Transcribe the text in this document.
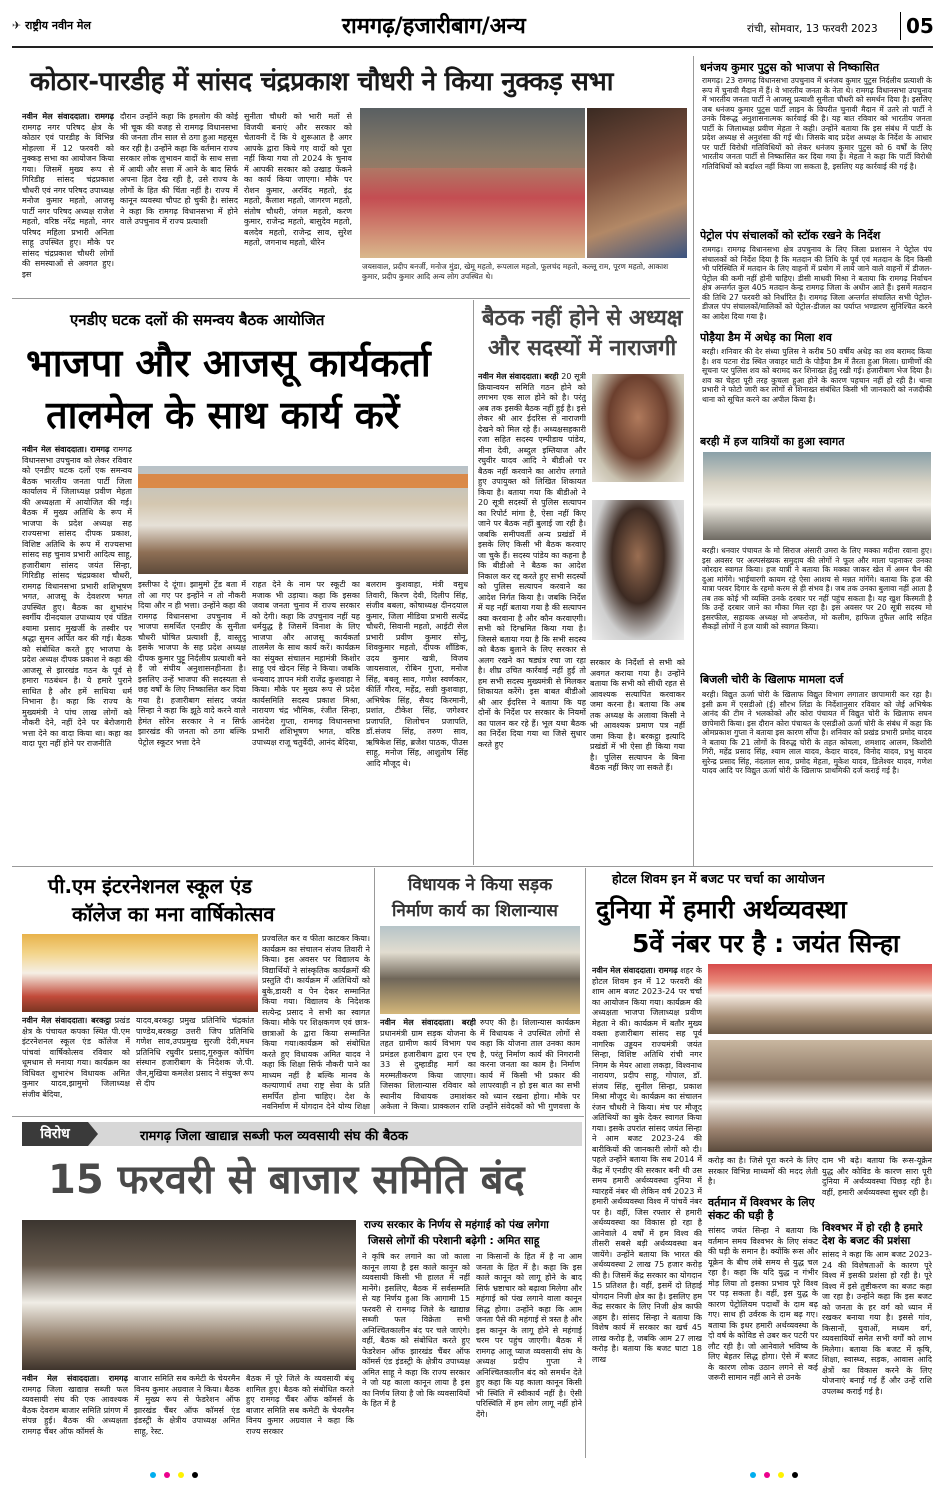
✈ राष्ट्रीय नवीन मेल	रामगढ़/हजारीबाग/अन्य	रांची, सोमवार, 13 फरवरी 2023 05
कोठार-पारडीह में सांसद चंद्रप्रकाश चौधरी ने किया नुक्कड़ सभा
नवीन मेल संवाददाता। रामगढ़ रामगढ़ नगर परिषद क्षेत्र के कोठार एवं पारडीह के विभिन्न मोहल्ला में 12 फरवरी को नुक्कड़ सभा का आयोजन किया गया। जिसमें मुख्य रूप से गिरिडीह सांसद चंद्रप्रकाश चौधरी एवं नगर परिषद उपाध्यक्ष मनोज कुमार महतो, आजसू पार्टी नगर परिषद अध्यक्ष राजेश महतो, वरिष्ठ नरेंद्र महतो, नगर परिषद महिला प्रभारी अनिता साहू उपस्थित हुए। मौके पर सांसद चंद्रप्रकाश चौधरी लोगों की समस्याओं से अवगत हुए। इस
दौरान उन्होंने कहा कि हमलोग की कोई भी चूक की वजह से रामगढ़ विधानसभा की जनता तीन साल से ठगा हुआ महसूस कर रही है। उन्होंने कहा कि वर्तमान राज्य सरकार लोक लुभावन वादों के साथ सत्ता में आयी और सत्ता में आने के बाद सिर्फ अपना हित देख रही है, उसे राज्य के लोगों के हित की चिंता नहीं है। राज्य में कानून व्यवस्था चौपट हो चुकी है। सांसद ने कहा कि रामगढ़ विधानसभा में होने वाले उपचुनाव में राज्य प्रत्याशी
सुनीता चौधरी को भारी मतों से विजयी बनाएं और सरकार को चेतावनी दें कि ये शुरूआत है अगर आपके द्वारा किये गए वादों को पूरा नहीं किया गया तो 2024 के चुनाव में आपकी सरकार को उखाड़ फेंकने का कार्य किया जाएगा। मौके पर रोशन कुमार, अरविंद महतो, इंद्र महतो, कैलाश महतो, जागरण महतो, संतोष चौधरी, जंगल महतो, करण कुमार, राजेन्द्र महतो, बासुदेव महतो, बलदेव महतो, राजेन्द्र साव, सुरेश महतो, जगनाथ महतो, धीरेन
जयसवाल, प्रदीप बनर्जी, मनोज मुंडा, खेमू महतो, रूपलाल महतो, फूलचंद महतो, कल्लू राम, पूरण महतो, आकाश कुमार, प्रदीप कुमार आदि अन्य लोग उपस्थित थे।
एनडीए घटक दलों की समन्वय बैठक आयोजित
भाजपा और आजसू कार्यकर्ता
तालमेल के साथ कार्य करें
नवीन मेल संवाददाता। रामगढ़ रामगढ़ विधानसभा उपचुनाव को लेकर रविवार को एनडीए घटक दलों एक समन्वय बैठक भारतीय जनता पार्टी जिला कार्यालय में जिलाध्यक्ष प्रवीण मेहता की अध्यक्षता में आयोजित की गई। बैठक में मुख्य अतिथि के रूप में भाजपा के प्रदेश अध्यक्ष सह राज्यसभा सांसद दीपक प्रकाश, विशिष्ट अतिथि के रूप में राज्यसभा सांसद सह चुनाव प्रभारी आदित्य साहू, हजारीबाग सांसद जयंत सिन्हा, गिरिडीह सांसद चंद्रप्रकाश चौधरी, रामगढ़ विधानसभा प्रभारी शशिभूषण भगत, आजसू के देवशरण भगत उपस्थित हुए। बैठक का शुभारंभ स्वर्गीय दीनदयाल उपाध्याय एवं पंडित श्यामा प्रसाद मुखर्जी के तस्वीर पर श्रद्धा सुमन अर्पित कर की गई। बैठक को संबोधित करते हुए भाजपा के प्रदेश अध्यक्ष दीपक प्रकाश ने कहा की आजसू से झारखंड गठन के पूर्व से हमारा गठबंधन है। ये हमारे पुराने साथित है और हमें साथिया धर्म निभाना है। कहा कि राज्य के मुख्यमंत्री ने पांच लाख लोगों को नौकरी देने, नहीं देने पर बेरोजगारी भत्ता देने का वादा किया था। कहा का वादा पूरा नहीं होने पर राजनीति
इस्तीफा दे दूंगा। झामुमो ट्रेंड बता में तो आ गए पर इन्होंने न तो नौकरी दिया और न ही भत्ता। उन्होंने कहा की रामगढ़ विधानसभा उपचुनाव में भाजपा समर्थित एनडीए के सुनीता चौधरी घोषित प्रत्याशी हैं, वास्तुदु इसके भाजपा के सह प्रदेश अध्यक्ष दीपक कुमार पुट्टू निर्दलीय प्रत्याशी बने हैं जो संघीय अनुशासनहीनता है। इसलिए उन्हें भाजपा की सदस्यता से छह वर्षों के लिए निष्कासित कर दिया गया है। हजारीबाग सांसद जयंत सिन्हा ने कहा कि झूठे वादे करने वाले हेमंत सोरेन सरकार ने न सिर्फ झारखंड की जनता को ठगा बल्कि पेट्रोल स्कूटर भत्ता देने
राहत देने के नाम पर स्कूटी का मजाक भी उड़ाया। कहा कि इसका जवाब जनता चुनाव में राज्य सरकार को देगी। कहा कि उपचुनाव नहीं यह धर्मयुद्ध है जिसमें विनाश के लिए भाजपा और आजसू कार्यकर्ता तालमेल के साथ कार्य करें। कार्यक्रम का संयुक्त संचालन महामंत्री किशोर साहू एवं खेदन सिंह ने किया। जबकि धन्यवाद ज्ञापन मंत्री राजेंद्र कुशवाहा ने किया। मौके पर मुख्य रूप से प्रदेश कार्यसमिति सदस्य प्रकाश मिश्रा, नारायण चंद्र भौमिक, रंजीत सिन्हा, आनंदेश गुप्ता, रामगढ़ विधानसभा प्रभारी शशिभूषण भगत, वरिष्ठ उपाध्यक्ष राजू चतुर्वेदी, आनंद बेदिया,
बलराम कुशवाहा, मंत्री वसुध तिवारी, किरण देवी, दिलीप सिंह, संजीव बबला, कोषाध्यक्ष दीनदयाल कुमार, जिला मीडिया प्रभारी सत्येंद्र चौधरी, सिवानी महतो, आईटी सेल प्रभारी प्रवीण कुमार सोनू, शिवकुमार महतो, दीपक शौंडिक, उदय कुमार खत्री, विजय जायसवाल, रोबिन गुप्ता, मनोज सिंह, बबलू साव, गणेश स्वर्णकार, कीर्ति गौरव, महेंद्र, सन्नी कुशवाहा, अभिषेक सिंह, सैयद किरमानी, प्रशांत, टीकेश सिंह, जगेश्वर प्रजापति, शिलोचन प्रजापति, डॉ.संजय सिंह, तरुण साव, ऋषिकेश सिंह, ब्रजेश पाठक, पीउस साहू, मनोज सिंह, आशुतोष सिंह आदि मौजूद थे।
बैठक नहीं होने से अध्यक्ष
और सदस्यों में नाराजगी
नवीन मेल संवाददाता। बरही 20 सूत्री क्रियान्वयन समिति गठन होने को लगभग एक साल होने को है। परंतु अब तक इसकी बैठक नहीं हुई है। इसे लेकर श्री आर ईदरिस से नाराजगी देखने को मिल रहे हैं। अध्यक्षसहकारी रजा सहित सदस्य एम्पीडाय पांडेय, मीना देवी, अब्दुल इम्तियाज और रघुवीर यादव आदि ने बीडीओ पर बैठक नहीं करवाने का आरोप लगाते हुए उपायुक्त को लिखित शिकायत किया है। बताया गया कि बीडीओ ने 20 सूत्री सदस्यों से पुलिस सत्यापन का रिपोर्ट मांगा है, ऐसा नहीं किए जाने पर बैठक नहीं बुलाई जा रही है। जबकि समीपवर्ती अन्य प्रखंडों में इसके लिए किसी भी बैठक करवाए जा चुके हैं। सदस्य पांडेय का कहना है कि बीडीओ ने बैठक का आदेश निकाल कर रद्द करते हुए सभी सदस्यों को पुलिस सत्यापन करवाने का आदेश निर्गत किया है। जबकि निर्देश में यह नहीं बताया गया है की सत्यापन क्या करवाना है और कौन करवाएगी। सभी को दिग्भ्रमित किया गया है। जिससे बताया गया है कि सभी सदस्य को बैठक बुलाने के लिए सरकार से अलग रखने का षड्यंत्र रचा जा रहा है। शीघ्र उचित कार्रवाई नहीं हुई तो हम सभी सदस्य मुख्यमंत्री से मिलकर शिकायत करेंगे। इस बाबत बीडीओ श्री आर ईदरिस ने बताया कि यह दोनों के निर्देश पर सरकार के नियमों का पालन कर रहे हैं। भूल यथा बैठक का निर्देश दिया गया था जिसे सुधार करते हुए
सरकार के निर्देशों से सभी को अवगत कराया गया है। उन्होंने बताया कि सभी को सीधी रहत से आवश्यक सत्यापित करवाकर जमा करना है। बताया कि अब तक अध्यक्ष के अलावा किसी ने भी आवश्यक प्रमाण पत्र नहीं जमा किया है। बरकट्ठा इत्यादि प्रखंडों में भी ऐसा ही किया गया है। पुलिस सत्यापन के बिना बैठक नहीं किए जा सकते हैं।
धनंजय कुमार पुटुस को भाजपा से निष्कासित
रामगढ़। 23 रामगढ़ विधानसभा उपचुनाव में धनंजय कुमार पुटुस निर्दलीय प्रत्याशी के रूप में चुनावी मैदान में हैं। वे भारतीय जनता के नेता थे। रामगढ़ विधानसभा उपचुनाव में भारतीय जनता पार्टी ने आजसू प्रत्याशी सुनीता चौधरी को समर्थन दिया है। इसलिए जब धनंजय कुमार पुटुस पार्टी लाइन के विपरीत चुनावी मैदान में उतरे तो पार्टी ने उनके विरूद्ध अनुशासनात्मक कार्रवाई की है। यह बात रविवार को भारतीय जनता पार्टी के जिलाध्यक्ष प्रवीण मेहता ने कही। उन्होंने बताया कि इस संबंध में पार्टी के प्रदेश अध्यक्ष से अनुशंसा की गई थी। जिसके बाद प्रदेश अध्यक्ष के निर्देश के आधार पर पार्टी विरोधी गतिविधियों को लेकर धनंजय कुमार पुटुस को 6 वर्षों के लिए भारतीय जनता पार्टी से निष्कासित कर दिया गया है। मेहता ने कहा कि पार्टी विरोधी गतिविधियों को बर्दाश्त नहीं किया जा सकता है, इसलिए यह कार्रवाई की गई है।
पेट्रोल पंप संचालकों को स्टॉक रखने के निर्देश
रामगढ़। रामगढ़ विधानसभा क्षेत्र उपचुनाव के लिए जिला प्रशासन ने पेट्रोल पंप संचालकों को निर्देश दिया है कि मतदान की तिथि के पूर्व एवं मतदान के दिन किसी भी परिस्थिति में मतदान के लिए वाहनों में प्रयोग में लाये जाने वाले वाहनों में डीजल-पेट्रोल की कमी नहीं होनी चाहिए। डीसी माधवी मिश्रा ने बताया कि रामगढ़ निर्वाचन क्षेत्र अन्तर्गत कुल 405 मतदान केन्द्र रामगढ़ जिला के अधीन आते हैं। इसमें मतदान की तिथि 27 फरवरी को निर्धारित है। रामगढ़ जिला अन्तर्गत संचालित सभी पेट्रोल-डीजल पंप संचालकों/मालिकों को पेट्रोल-डीजल का पर्याप्त भण्डारण सुनिश्चित करने का आदेश दिया गया है।
पोड़ैया डैम में अधेड़ का मिला शव
बरही। शनिवार की देर संध्या पुलिस ने करीब 50 वर्षीय अधेड़ का शव बरामद किया है। शव पटना रोड स्थित जवाहर घाटी के पोड़ैया डैम में तैरता हुआ मिला। ग्रामीणों की सूचना पर पुलिस शव को बरामद कर शिनाख्त हेतु रखी गई। हजारीबाग भेज दिया है। शव का चेहरा पूरी तरह कुचला हुआ होने के कारण पहचान नहीं हो रही है। थाना प्रभारी ने फोटो जारी कर लोगों से शिनाख्त संबंधित किसी भी जानकारी को नजदीकी थाना को सूचित करने का अपील किया है।
बरही में हज यात्रियों का हुआ स्वागत
बरही। धनवार पंचायत के मो सिराज अंसारी उमरा के लिए मक्का मदीना रवाना हुए। इस अवसर पर अल्पसंख्यक समुदाय की लोगों ने फूल और माला पहनाकर उनका जोरदार स्वागत किया। हज यात्री ने बताया कि मक्का जाकर खेत में अमन चैन की दुआ मांगेंगे। भाईचारगी कायम रहे ऐसा आशय से मन्नत मांगेंगे। बताया कि हज की यात्रा परवर दिगार के रहमो करम से ही संभव है। जब तक उनका बुलावा नहीं आता है तब तक कोई भी व्यक्ति उनके दरबार पर नहीं पहुंच सकता है। यह खुश किस्मती है कि उन्हें दरबार जाने का मौका मिल रहा है। इस अवसर पर 20 सूत्री सदस्य मो इसरफील, सहायक अध्यक्ष मो अफरोज, मो कलीम, हाफिज तुफैल आदि सहित सैकड़ों लोगों ने हज यात्री को स्वागत किया।
बिजली चोरी के खिलाफ मामला दर्ज
बरही। विद्युत ऊर्जा चोरी के खिलाफ विद्युत विभाग लगातार छापामारी कर रहा है। इसी क्रम में एसडीओ (ई) सौरभ लिंडा के निर्देशानुसार रविवार को जेई अभिषेक आनंद की टीम ने भलकोको और कोरा पंचायत में विद्युत चोरी के खिलाफ सघन छापेमारी किया। इस दौरान कोरा पंचायत के एसडीओ ऊर्जा चोरी के संबंध में कहा कि ओमप्रकाश गुप्ता ने बताया इस कारण सौंपा है। शनिवार को प्रखंड प्रभारी प्रमोद यादव ने बताया कि 21 लोगों के विरुद्ध चोरी के तहत कोयला, शमशाद आलम, किशोरी गिरी, महेंद्र प्रसाद सिंह, श्याम लाल यादव, केदार यादव, विनोद यादव, प्रभु यादव सुरेन्द्र प्रसाद सिंह, नंदलाल साव, प्रमोद मेहता, मुकेश यादव, डिलेश्वर यादव, गणेश यादव आदि पर विद्युत ऊर्जा चोरी के खिलाफ प्राथमिकी दर्ज कराई गई है।
पी.एम इंटरनेशनल स्कूल एंड
कॉलेज का मना वार्षिकोत्सव
नवीन मेल संवाददाता। बरकट्ठा प्रखंड क्षेत्र के पंचायत कपका स्थित पी.एम इंटरनेशनल स्कूल एंड कॉलेज में पांचवां वार्षिकोत्सव रविवार को धूमधाम से मनाया गया। कार्यक्रम का विधिवत शुभारंभ विधायक अमित कुमार यादव,झामुमो जिलाध्यक्ष संजीव बेदिया,
यादव,बरकट्ठा प्रमुख प्रतिनिधि चंद्रकांत पाण्डेय,बरकट्ठा उत्तरी जिप प्रतिनिधि गणेश साव,उपप्रमुख सुरजी देवी,मधन प्रतिनिधि रघुवीर प्रसाद,गुरुकुल कोचिंग संस्थान हजारीबाग के निदेशक जे.पी. जैन,मुखिया कमलेश प्रसाद ने संयुक्त रूप से दीप
प्रज्वलित कर व फीता काटकर किया।कार्यक्रम का संचालन संजय तिवारी ने किया। इस अवसर पर विद्यालय के विद्यार्थियों ने सांस्कृतिक कार्यक्रमों की प्रस्तुति दी। कार्यक्रम में अतिथियों को बुके,डायरी व पेन देकर सम्मानित किया गया। विद्यालय के निदेशक सत्येन्द्र प्रसाद ने सभी का स्वागत किया। मौके पर शिक्षकगण एवं छात्र-छात्राओं के द्वारा किया सम्मानित किया गया।कार्यक्रम को संबोधित करते हुए विधायक अमित यादव ने कहा कि शिक्षा सिर्फ नौकरी पाने का माध्यम नहीं है बल्कि मानव के कल्याणार्थ तथा राष्ट्र सेवा के प्रति समर्पित होना चाहिए। देश के नवनिर्माण में योगदान देने योग्य शिक्षा
विधायक ने किया सड़क
निर्माण कार्य का शिलान्यास
नवीन मेल संवाददाता। बरही प्रधानमंत्री ग्राम सड़क योजना के तहत ग्रामीण कार्य विभाग पथ प्रमंडल हजारीबाग द्वारा एन एच 33 से दुम्हाडीह मार्ग का मरम्मतीकरण किया जाएगा। जिसका शिलान्यास रविवार को स्थानीय विधायक उमाशंकर अकेला ने किया। प्राक्कलन राशि
रुपए की है। शिलान्यास कार्यक्रम में विधायक ने उपस्थित लोगों से कहा कि योजना ताल उनका काम है, परंतु निर्माण कार्य की निगरानी करना जनता का काम है। निर्माण कार्य में किसी भी प्रकार की लापरवाही न हो इस बात का सभी को ध्यान रखना होगा। मौके पर उन्होंने संवेदकों को भी गुणवत्ता के
होटल शिवम इन में बजट पर चर्चा का आयोजन
दुनिया में हमारी अर्थव्यवस्था
5वें नंबर पर है : जयंत सिन्हा
नवीन मेल संवाददाता। रामगढ़ शहर के होटल शिवम इन में 12 फरवरी की शाम आम बजट 2023-24 पर चर्चा का आयोजन किया गया। कार्यक्रम की अध्यक्षता भाजपा जिलाध्यक्ष प्रवीण मेहता ने की। कार्यक्रम में बतौर मुख्य वक्ता हजारीबाग सांसद सह पूर्व नागरिक उड्डयन राज्यमंत्री जयंत सिन्हा, विशिष्ट अतिथि रांची नगर निगम के मेयर आशा लकड़ा, विश्वनाथ नारायण, प्रदीप साहू, गोपाल, डॉ. संजय सिंह, सुनील सिन्हा, प्रकाश मिश्रा मौजूद थे। कार्यक्रम का संचालन रंजन चौधरी ने किया। मंच पर मौजूद अतिथियों का बुके देकर स्वागत किया गया। इसके उपरांत सांसद जयंत सिन्हा ने आम बजट 2023-24 की बारीकियों की जानकारी लोगों को दी। पहले उन्होंने बताया कि सब 2014 में केंद्र में एनडीए की सरकार बनी थी उस समय हमारी अर्थव्यवस्था दुनिया में ग्यारहवें नंबर थी लेकिन वर्ष 2023 में हमारी अर्थव्यवस्था विश्व में पांचवें नंबर पर है। वहीं, जिस रफ्तार से हमारी अर्थव्यवस्था का विकास हो रहा है आनेवाले 4 वर्षों में हम विश्व की तीसरी सबसे बड़ी अर्थव्यवस्था बन जायेंगे। उन्होंने बताया कि भारत की अर्थव्यवस्था 2 लाख 75 हजार करोड़ की है। जिसमें केंद्र सरकार का योगदान 15 प्रतिशत है। वहीं, इसमें दो तिहाई योगदान निजी क्षेत्र का है। इसलिए हम केंद्र सरकार के लिए निजी क्षेत्र काफी अहम है। सांसद सिन्हा ने बताया कि विशेष कार्य में सरकार का खर्च 45 लाख करोड़ है, जबकि आम 27 लाख करोड़ है। बताया कि बजट घाटा 18 लाख
करोड़ का है। जिसे पूरा करने के लिए सरकार विभिन्न माध्यमों की मदद लेती है।
दाम भी बढ़े। बताया कि रूस-यूक्रेन युद्ध और कोविड के कारण सारा पूरी दुनिया में अर्थव्यवस्था पिछड़ रही है। वहीं, हमारी अर्थव्यवस्था सुधर रही है।
वर्तमान में विश्वभर के लिए संकट की घड़ी है
सांसद जयंत सिन्हा ने बताया कि वर्तमान समय विश्वभर के लिए संकट की घड़ी के समान है। क्योंकि रूस और यूक्रेन के बीच लंबे समय से युद्ध चल रहा है। कहा कि यदि युद्ध न गंभीर मोड़ लिया तो इसका प्रभाव पूरे विश्व पर पड़ सकता है। वहीं, इस युद्ध के कारण पेट्रोलियम पदार्थों के दाम बढ़ गए। साथ ही उर्वरक के दाम बढ़ गए। बताया कि इधर हमारी अर्थव्यवस्था के दो वर्ष के कोविड से उबर कर पटरी पर लौट रही है। जो आनेवाले भविष्य के लिए बेहतर सिद्ध होगा। ऐसे में बजट के कारण लोक उठान लगने से कई जरूरी सामान नहीं आने से उनके
विश्वभर में हो रही है हमारे देश के बजट की प्रशंसा
सांसद ने कहा कि आम बजट 2023-24 की विशेषताओं के कारण पूरे विश्व में इसकी प्रशंसा हो रही है। पूरे विश्व में इसे तुष्टीकरण का बजट कहा जा रहा है। उन्होंने कहा कि इस बजट को जनता के हर वर्ग को ध्यान में रखकर बनाया गया है। इससे गांव, किसानों, युवाओं, मध्यम वर्ग, व्यवसायियों समेत सभी वर्गों को लाभ मिलेगा। बताया कि बजट में कृषि, शिक्षा, स्वास्थ्य, सड़क, आवास आदि क्षेत्रों का विकास करने के लिए योजनाएं बनाई गई हैं और उन्हें राशि उपलब्ध कराई गई है।
विरोध	रामगढ़ जिला खाद्यान्न सब्जी फल व्यवसायी संघ की बैठक
15 फरवरी से बाजार समिति बंद
राज्य सरकार के निर्णय से महंगाई को पंख लगेगा
जिससे लोगों की परेशानी बढ़ेगी : अमित साहू
नवीन मेल संवाददाता। रामगढ़ रामगढ़ जिला खाद्यान्न सब्जी फल व्यवसायी संघ की एक आवश्यक बैठक देवराम बाजार समिति प्रांगण में संपन्न हुई। बैठक की अध्यक्षता रामगढ़ चैंबर ऑफ कॉमर्स के
बाजार समिति सब कमेटी के चेयरमैन विनय कुमार अग्रवाल ने किया। बैठक में मुख्य रूप से फेडरेशन ऑफ झारखंड चैंबर ऑफ कॉमर्स एंड इंडस्ट्री के क्षेत्रीय उपाध्यक्ष अमित साहू, रेस्ट.
बैठक में पूरे जिले के व्यवसायी बंधु शामिल हुए। बैठक को संबोधित करते हुए रामगढ़ चैंबर ऑफ कॉमर्स के बाजार समिति सब कमेटी के चेयरमैन विनय कुमार अग्रवाल ने कहा कि राज्य सरकार
ने कृषि कर लगाने का जो काला कानून लाया है इस काले कानून को व्यवसायी किसी भी हालत में नहीं मानेंगे। इसलिए, बैठक में सर्वसम्मति से यह निर्णय हुआ कि आगामी 15 फरवरी से रामगढ़ जिले के खाद्यान्न सब्जी फल विक्रेता सभी अनिश्चितकालीन बंद पर चले जाएंगे। वहीं, बैठक को संबोधित करते हुए फेडरेशन ऑफ झारखंड चैंबर ऑफ कॉमर्स एंड इंडस्ट्री के क्षेत्रीय उपाध्यक्ष अमित साहू ने कहा कि राज्य सरकार ने जो यह काला कानून लाया है इस का निर्णय लिया है जो कि व्यवसायियों के हित में है
ना किसानों के हित में है ना आम जनता के हित में है। कहा कि इस काले कानून को लागू होने के बाद सिर्फ भ्रष्टाचार को बढ़ावा मिलेगा और महंगाई को पंख लगाने वाला कानून सिद्ध होगा। उन्होंने कहा कि आम जनता पैसे की महंगाई से त्रस्त है और इस कानून के लागू होने से महंगाई चरम पर पहुंच जाएगी। बैठक में रामगढ़ आलू प्याज व्यवसायी संघ के अध्यक्ष प्रदीप गुप्ता ने अनिश्चितकालीन बंद को समर्थन देते हुए कहा कि यह काला कानून किसी भी स्थिति में स्वीकार्य नहीं है। ऐसी परिस्थिति में हम लोग लागू नहीं होने देंगे।
